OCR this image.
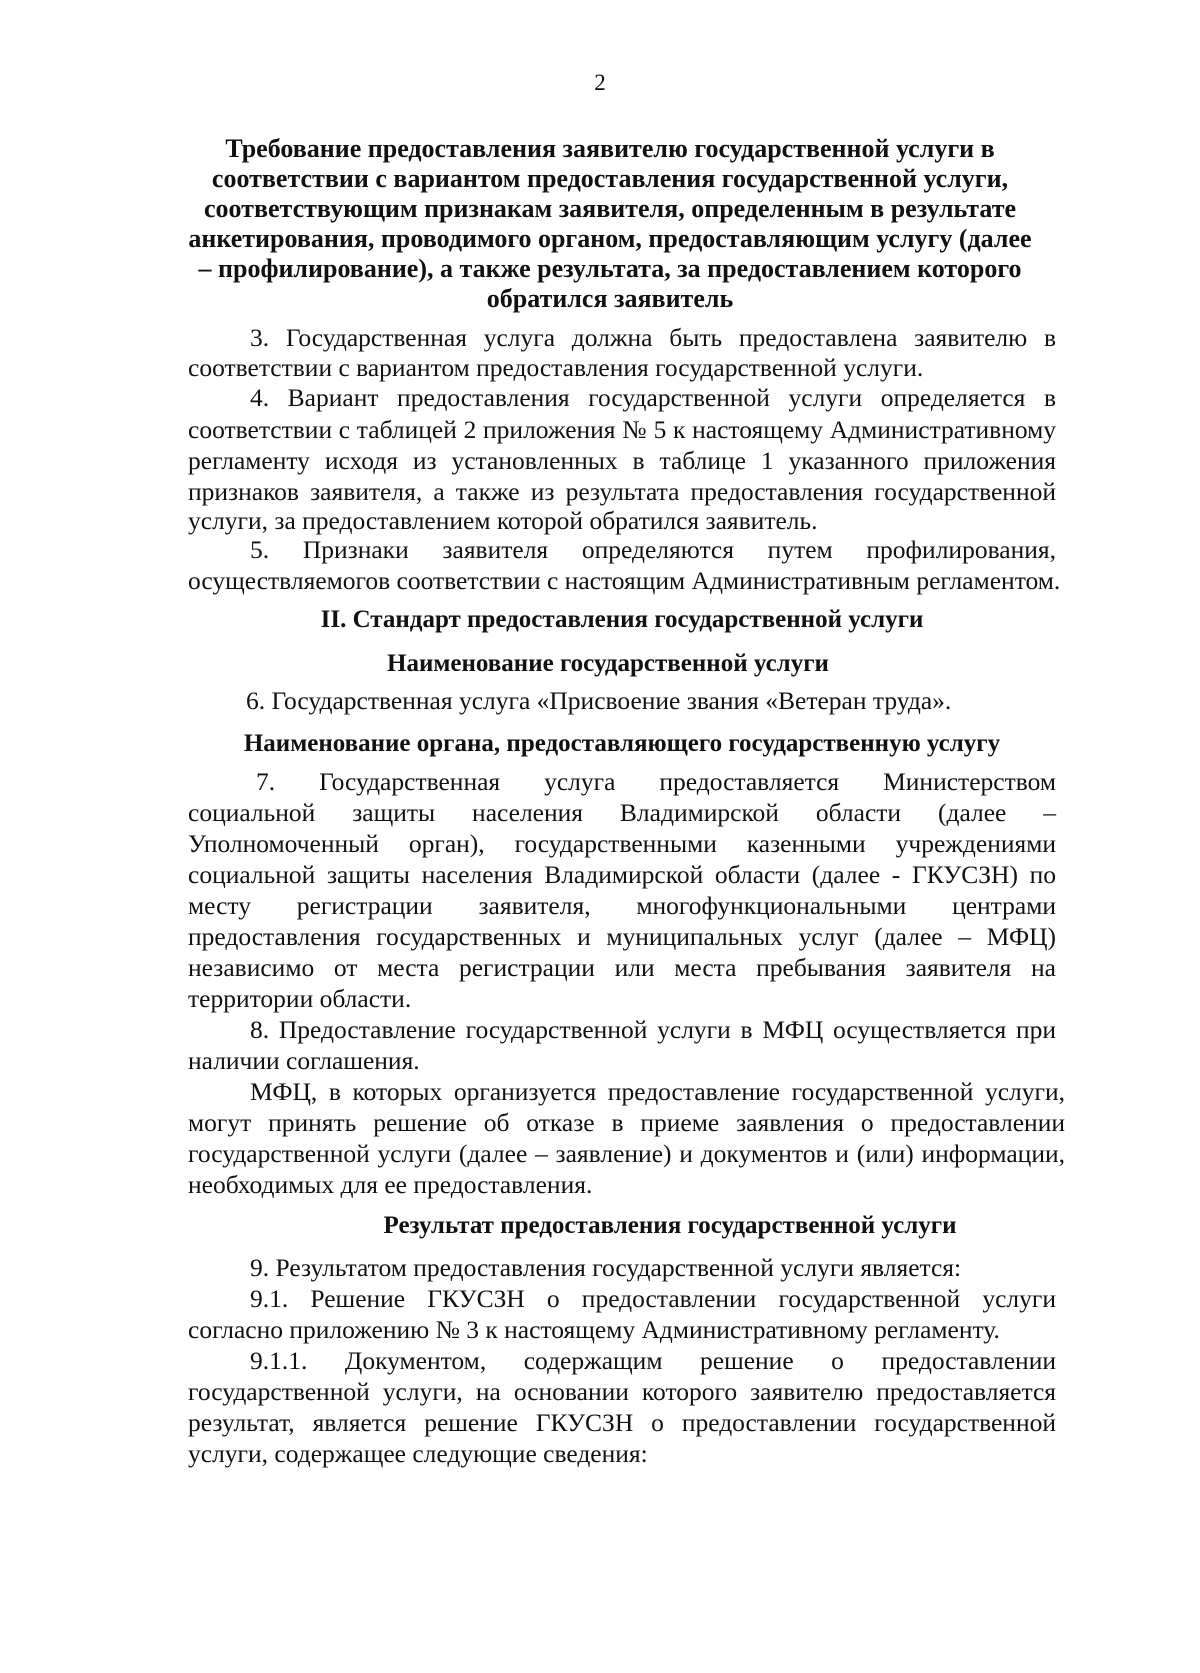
2
Требование предоставления заявителю государственной услуги в
соответствии с вариантом предоставления государственной услуги,
соответствующим признакам заявителя, определенным в результате
анкетирования, проводимого органом, предоставляющим услугу (далее
– профилирование), а также результата, за предоставлением которого
обратился заявитель
3. Государственная услуга должна быть предоставлена заявителю в
соответствии с вариантом предоставления государственной услуги.
4. Вариант предоставления государственной услуги определяется в
соответствии с таблицей 2 приложения № 5 к настоящему Административному
регламенту исходя из установленных в таблице 1 указанного приложения
признаков заявителя, а также из результата предоставления государственной
услуги, за предоставлением которой обратился заявитель.
5. Признаки заявителя определяются путем профилирования,
осуществляемогов соответствии с настоящим Административным регламентом.
II. Стандарт предоставления государственной услуги
Наименование государственной услуги
6. Государственная услуга «Присвоение звания «Ветеран труда».
Наименование органа, предоставляющего государственную услугу
7. Государственная услуга предоставляется Министерством
социальной защиты населения Владимирской области (далее –
Уполномоченный орган), государственными казенными учреждениями
социальной защиты населения Владимирской области (далее - ГКУСЗН) по
месту регистрации заявителя, многофункциональными центрами
предоставления государственных и муниципальных услуг (далее – МФЦ)
независимо от места регистрации или места пребывания заявителя на
территории области.
8. Предоставление государственной услуги в МФЦ осуществляется при
наличии соглашения.
МФЦ, в которых организуется предоставление государственной услуги,
могут принять решение об отказе в приеме заявления о предоставлении
государственной услуги (далее – заявление) и документов и (или) информации,
необходимых для ее предоставления.
Результат предоставления государственной услуги
9. Результатом предоставления государственной услуги является:
9.1. Решение ГКУСЗН о предоставлении государственной услуги
согласно приложению № 3 к настоящему Административному регламенту.
9.1.1. Документом, содержащим решение о предоставлении
государственной услуги, на основании которого заявителю предоставляется
результат, является решение ГКУСЗН о предоставлении государственной
услуги, содержащее следующие сведения:
